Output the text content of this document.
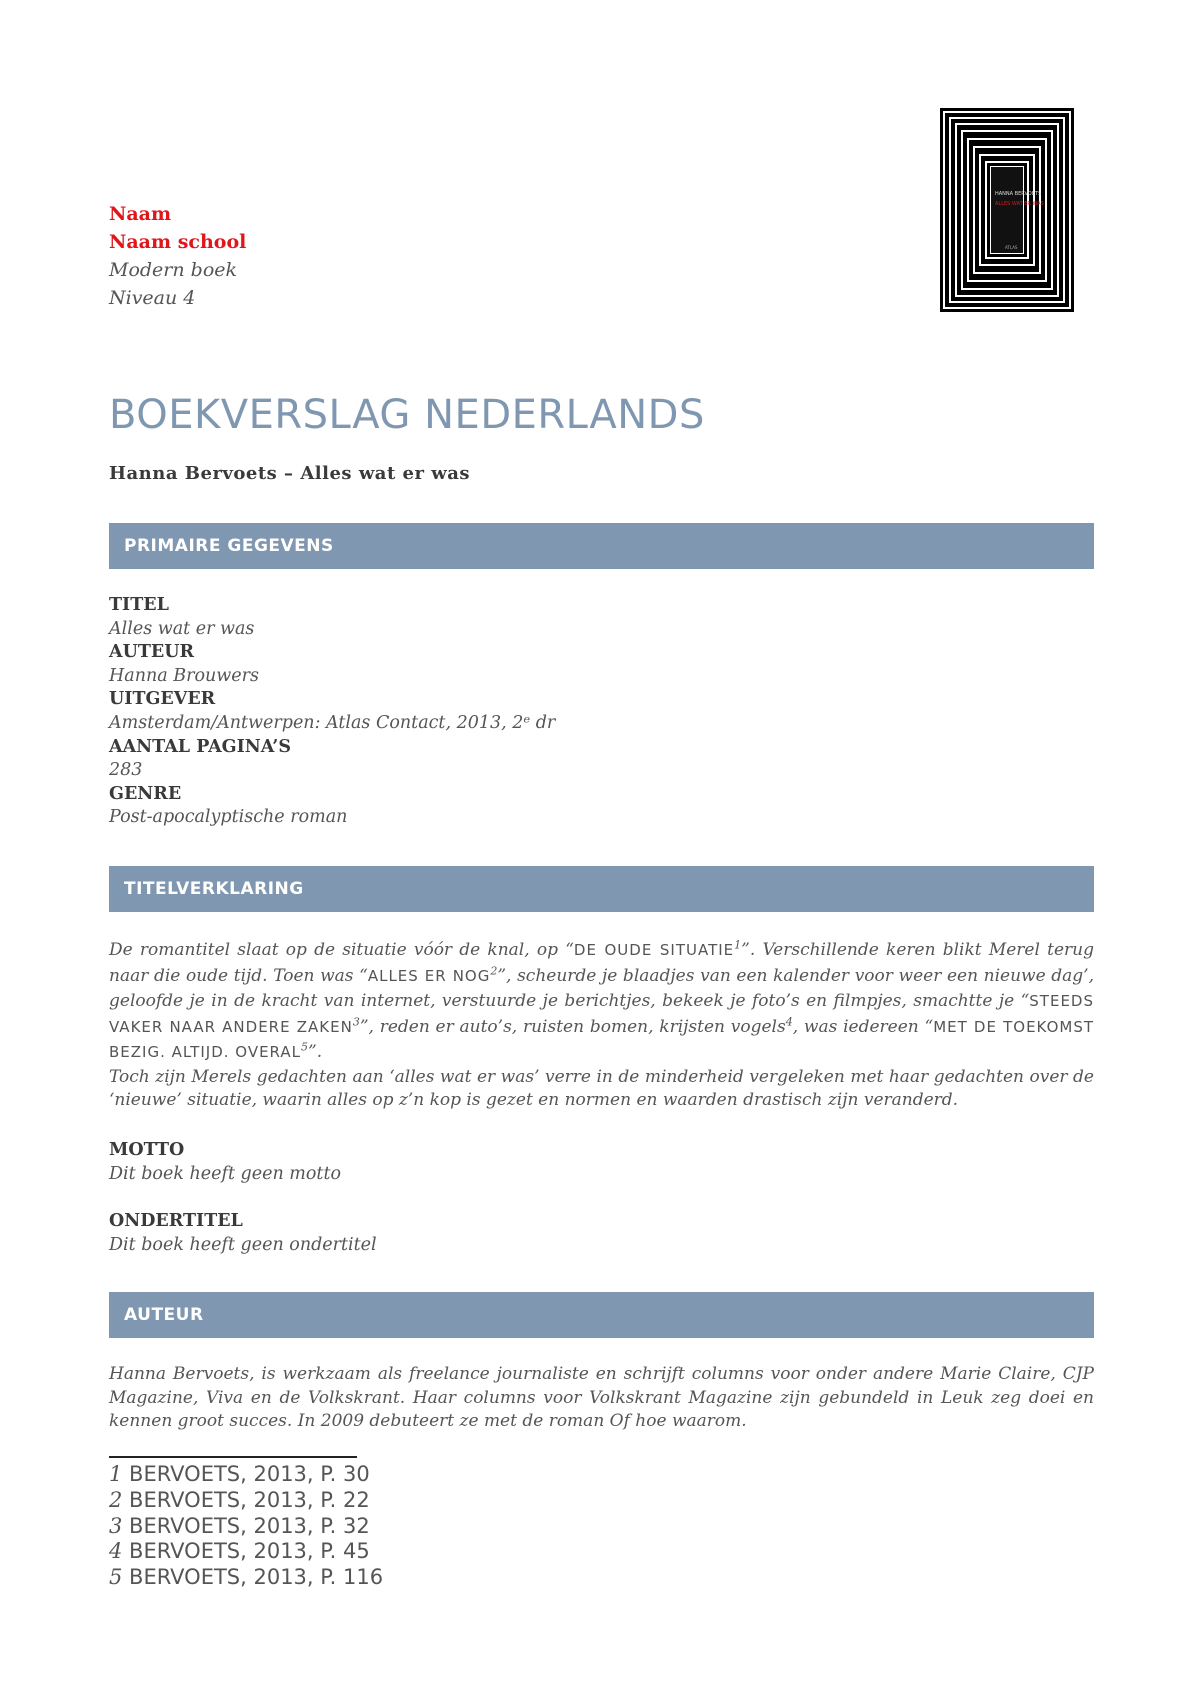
Naam
Naam school
Modern boek
Niveau 4
HANNA BERVOETS
ALLES WAT ER WAS
ATLAS
BOEKVERSLAG NEDERLANDS
Hanna Bervoets – Alles wat er was
PRIMAIRE GEGEVENS
TITEL
Alles wat er was
AUTEUR
Hanna Brouwers
UITGEVER
Amsterdam/Antwerpen: Atlas Contact, 2013, 2ᵉ dr
AANTAL PAGINA’S
283
GENRE
Post-apocalyptische roman
TITELVERKLARING
De romantitel slaat op de situatie vóór de knal, op “DE OUDE SITUATIE$^1$”. Verschillende keren blikt Merel terug naar die oude tijd. Toen was “ALLES ER NOG$^2$”, scheurde je blaadjes van een kalender voor weer een nieuwe dag’, geloofde je in de kracht van internet, verstuurde je berichtjes, bekeek je foto’s en filmpjes, smachtte je “STEEDS VAKER NAAR ANDERE ZAKEN$^3$”, reden er auto’s, ruisten bomen, krijsten vogels$^4$, was iedereen “MET DE TOEKOMST BEZIG. ALTIJD. OVERAL$^5$”.
Toch zijn Merels gedachten aan ‘alles wat er was’ verre in de minderheid vergeleken met haar gedachten over de ‘nieuwe’ situatie, waarin alles op z’n kop is gezet en normen en waarden drastisch zijn veranderd.
MOTTO
Dit boek heeft geen motto
ONDERTITEL
Dit boek heeft geen ondertitel
AUTEUR
Hanna Bervoets, is werkzaam als freelance journaliste en schrijft columns voor onder andere Marie Claire, CJP Magazine, Viva en de Volkskrant. Haar columns voor Volkskrant Magazine zijn gebundeld in Leuk zeg doei en kennen groot succes. In 2009 debuteert ze met de roman Of hoe waarom.
1 BERVOETS, 2013, P. 30
2 BERVOETS, 2013, P. 22
3 BERVOETS, 2013, P. 32
4 BERVOETS, 2013, P. 45
5 BERVOETS, 2013, P. 116
